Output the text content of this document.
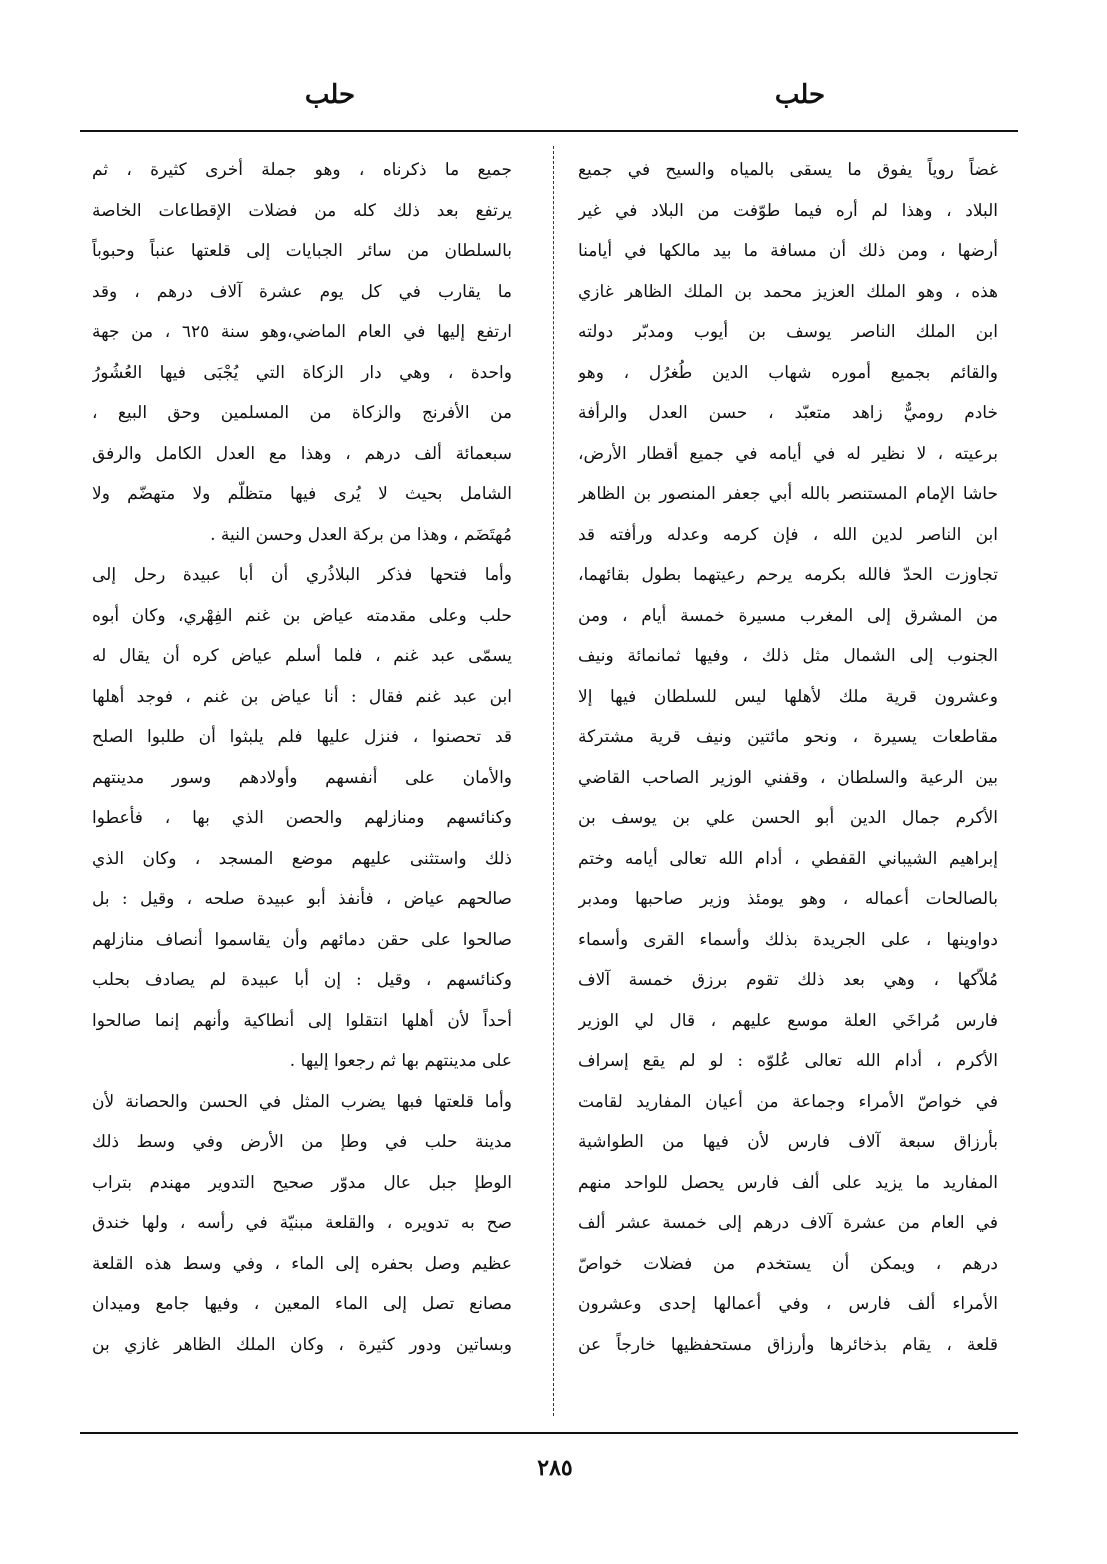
حلب
حلب
غضاً روياً يفوق ما يسقى بالمياه والسيح في جميع
البلاد ، وهذا لم أره فيما طوّفت من البلاد في غير
أرضها ، ومن ذلك أن مسافة ما بيد مالكها في أيامنا
هذه ، وهو الملك العزيز محمد بن الملك الظاهر غازي
ابن الملك الناصر يوسف بن أيوب ومدبّر دولته
والقائم بجميع أموره شهاب الدين طُغرُل ، وهو
خادم روميٌّ زاهد متعبّد ، حسن العدل والرأفة
برعيته ، لا نظير له في أيامه في جميع أقطار الأرض،
حاشا الإمام المستنصر بالله أبي جعفر المنصور بن الظاهر
ابن الناصر لدين الله ، فإن كرمه وعدله ورأفته قد
تجاوزت الحدّ فالله بكرمه يرحم رعيتهما بطول بقائهما،
من المشرق إلى المغرب مسيرة خمسة أيام ، ومن
الجنوب إلى الشمال مثل ذلك ، وفيها ثمانمائة ونيف
وعشرون قرية ملك لأهلها ليس للسلطان فيها إلا
مقاطعات يسيرة ، ونحو مائتين ونيف قرية مشتركة
بين الرعية والسلطان ، وقفني الوزير الصاحب القاضي
الأكرم جمال الدين أبو الحسن علي بن يوسف بن
إبراهيم الشيباني القفطي ، أدام الله تعالى أيامه وختم
بالصالحات أعماله ، وهو يومئذ وزير صاحبها ومدبر
دواوينها ، على الجريدة بذلك وأسماء القرى وأسماء
مُلاّكها ، وهي بعد ذلك تقوم برزق خمسة آلاف
فارس مُراخَي العلة موسع عليهم ، قال لي الوزير
الأكرم ، أدام الله تعالى عُلوّه : لو لم يقع إسراف
في خواصّ الأمراء وجماعة من أعيان المفاريد لقامت
بأرزاق سبعة آلاف فارس لأن فيها من الطواشية
المفاريد ما يزيد على ألف فارس يحصل للواحد منهم
في العام من عشرة آلاف درهم إلى خمسة عشر ألف
درهم ، ويمكن أن يستخدم من فضلات خواصّ
الأمراء ألف فارس ، وفي أعمالها إحدى وعشرون
قلعة ، يقام بذخائرها وأرزاق مستحفظيها خارجاً عن
جميع ما ذكرناه ، وهو جملة أخرى كثيرة ، ثم
يرتفع بعد ذلك كله من فضلات الإقطاعات الخاصة
بالسلطان من سائر الجبايات إلى قلعتها عنباً وحبوباً
ما يقارب في كل يوم عشرة آلاف درهم ، وقد
ارتفع إليها في العام الماضي،وهو سنة ٦٢٥ ، من جهة
واحدة ، وهي دار الزكاة التي يُجْبَى فيها العُشُورُ
من الأفرنج والزكاة من المسلمين وحق البيع ،
سبعمائة ألف درهم ، وهذا مع العدل الكامل والرفق
الشامل بحيث لا يُرى فيها متظلّم ولا متهضّم ولا
مُهتَضَم ، وهذا من بركة العدل وحسن النية .
وأما فتحها فذكر البلاذُري أن أبا عبيدة رحل إلى
حلب وعلى مقدمته عياض بن غنم الفِهْري، وكان أبوه
يسمّى عبد غنم ، فلما أسلم عياض كره أن يقال له
ابن عبد غنم فقال : أنا عياض بن غنم ، فوجد أهلها
قد تحصنوا ، فنزل عليها فلم يلبثوا أن طلبوا الصلح
والأمان على أنفسهم وأولادهم وسور مدينتهم
وكنائسهم ومنازلهم والحصن الذي بها ، فأعطوا
ذلك واستثنى عليهم موضع المسجد ، وكان الذي
صالحهم عياض ، فأنفذ أبو عبيدة صلحه ، وقيل : بل
صالحوا على حقن دمائهم وأن يقاسموا أنصاف منازلهم
وكنائسهم ، وقيل : إن أبا عبيدة لم يصادف بحلب
أحداً لأن أهلها انتقلوا إلى أنطاكية وأنهم إنما صالحوا
على مدينتهم بها ثم رجعوا إليها .
وأما قلعتها فبها يضرب المثل في الحسن والحصانة لأن
مدينة حلب في وطإ من الأرض وفي وسط ذلك
الوطإ جبل عال مدوّر صحيح التدوير مهندم بتراب
صح به تدويره ، والقلعة مبنيّة في رأسه ، ولها خندق
عظيم وصل بحفره إلى الماء ، وفي وسط هذه القلعة
مصانع تصل إلى الماء المعين ، وفيها جامع وميدان
وبساتين ودور كثيرة ، وكان الملك الظاهر غازي بن
٢٨٥
